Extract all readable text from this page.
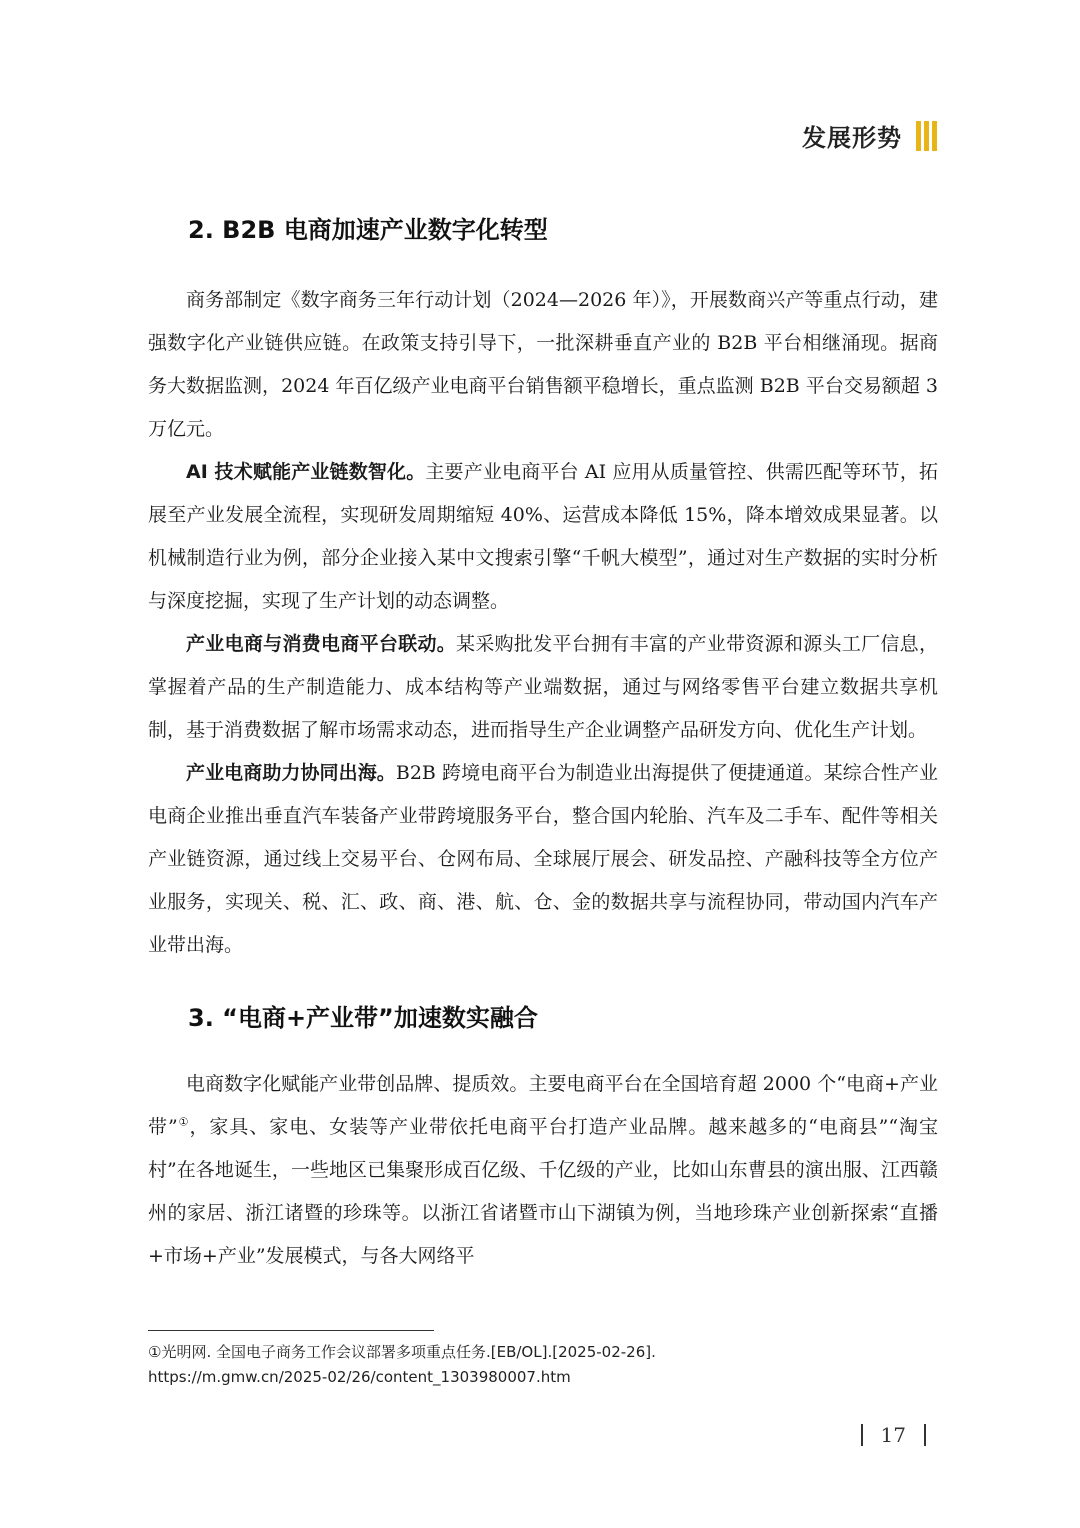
发展形势
2. B2B 电商加速产业数字化转型

商务部制定《数字商务三年行动计划（2024—2026 年）》，开展数商兴产等重点行动，建强数字化产业链供应链。在政策支持引导下，一批深耕垂直产业的 B2B 平台相继涌现。据商务大数据监测，2024 年百亿级产业电商平台销售额平稳增长，重点监测 B2B 平台交易额超 3 万亿元。

AI 技术赋能产业链数智化。主要产业电商平台 AI 应用从质量管控、供需匹配等环节，拓展至产业发展全流程，实现研发周期缩短 40%、运营成本降低 15%，降本增效成果显著。以机械制造行业为例，部分企业接入某中文搜索引擎“千帆大模型”，通过对生产数据的实时分析与深度挖掘，实现了生产计划的动态调整。

产业电商与消费电商平台联动。某采购批发平台拥有丰富的产业带资源和源头工厂信息，掌握着产品的生产制造能力、成本结构等产业端数据，通过与网络零售平台建立数据共享机制，基于消费数据了解市场需求动态，进而指导生产企业调整产品研发方向、优化生产计划。

产业电商助力协同出海。B2B 跨境电商平台为制造业出海提供了便捷通道。某综合性产业电商企业推出垂直汽车装备产业带跨境服务平台，整合国内轮胎、汽车及二手车、配件等相关产业链资源，通过线上交易平台、仓网布局、全球展厅展会、研发品控、产融科技等全方位产业服务，实现关、税、汇、政、商、港、航、仓、金的数据共享与流程协同，带动国内汽车产业带出海。

3. “电商+产业带”加速数实融合

电商数字化赋能产业带创品牌、提质效。主要电商平台在全国培育超 2000 个“电商+产业带”①，家具、家电、女装等产业带依托电商平台打造产业品牌。越来越多的“电商县”“淘宝村”在各地诞生，一些地区已集聚形成百亿级、千亿级的产业，比如山东曹县的演出服、江西赣州的家居、浙江诸暨的珍珠等。以浙江省诸暨市山下湖镇为例，当地珍珠产业创新探索“直播+市场+产业”发展模式，与各大网络平

①光明网. 全国电子商务工作会议部署多项重点任务.[EB/OL].[2025-02-26].
https://m.gmw.cn/2025-02/26/content_1303980007.htm
17
